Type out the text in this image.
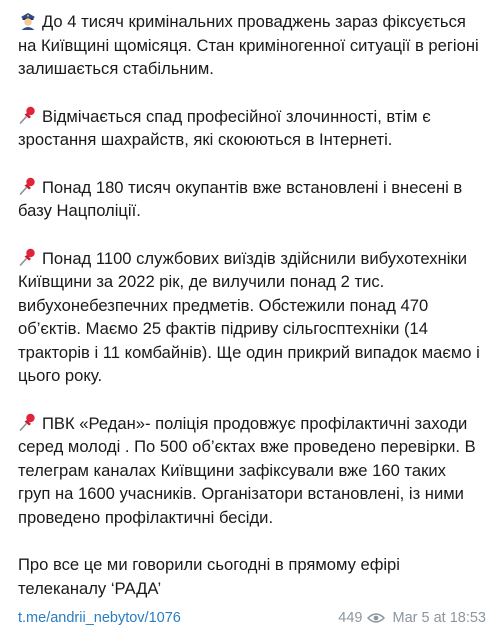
До 4 тисяч кримінальних проваджень зараз фіксується на Київщині щомісяця. Стан криміногенної ситуації в регіоні залишається стабільним.

Відмічається спад професійної злочинності, втім є зростання шахрайств, які скоюються в Інтернеті.

Понад 180 тисяч окупантів вже встановлені і внесені в базу Нацполіції.

Понад 1100 службових виїздів здійснили вибухотехніки Київщини за 2022 рік, де вилучили понад 2 тис. вибухонебезпечних предметів. Обстежили понад 470 об’єктів. Маємо 25 фактів підриву сільгосптехніки (14 тракторів і 11 комбайнів). Ще один прикрий випадок маємо і цього року.

ПВК «Редан»- поліція продовжує профілактичні заходи серед молоді . По 500 об’єктах вже проведено перевірки. В телеграм каналах Київщини зафіксували вже 160 таких груп на 1600 учасників. Організатори встановлені, із ними проведено профілактичні бесіди.

Про все це ми говорили сьогодні в прямому ефірі телеканалу ‘РАДА’

t.me/andrii_nebytov/1076	449 Mar 5 at 18:53
